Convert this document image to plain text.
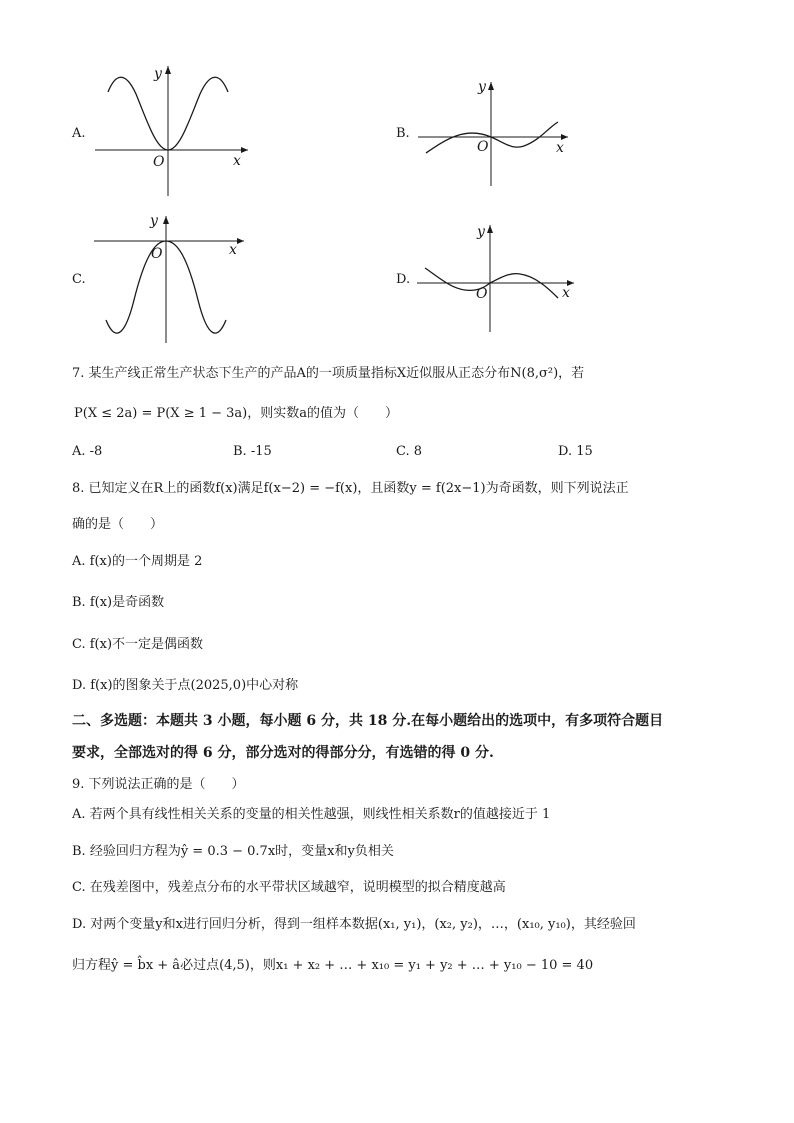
A.
y
x
O
y
x
O
y
x
O
y
x
O
B.
C.	D.
7. 某生产线正常生产状态下生产的产品A的一项质量指标X近似服从正态分布N(8,σ²)，若
P(X ≤ 2a) = P(X ≥ 1 − 3a)，则实数a的值为（　　）
A. -8	B. -15	C. 8	D. 15
8. 已知定义在R上的函数f(x)满足f(x−2) = −f(x)，且函数y = f(2x−1)为奇函数，则下列说法正
确的是（　　）
A. f(x)的一个周期是 2
B. f(x)是奇函数
C. f(x)不一定是偶函数
D. f(x)的图象关于点(2025,0)中心对称
二、多选题：本题共 3 小题，每小题 6 分，共 18 分.在每小题给出的选项中，有多项符合题目
要求，全部选对的得 6 分，部分选对的得部分分，有选错的得 0 分.
9. 下列说法正确的是（　　）
A. 若两个具有线性相关关系的变量的相关性越强，则线性相关系数r的值越接近于 1
B. 经验回归方程为ŷ = 0.3 − 0.7x时，变量x和y负相关
C. 在残差图中，残差点分布的水平带状区域越窄，说明模型的拟合精度越高
D. 对两个变量y和x进行回归分析，得到一组样本数据(x₁, y₁)，(x₂, y₂)，…，(x₁₀, y₁₀)，其经验回
归方程ŷ = b̂x + â必过点(4,5)，则x₁ + x₂ + … + x₁₀ = y₁ + y₂ + … + y₁₀ − 10 = 40
